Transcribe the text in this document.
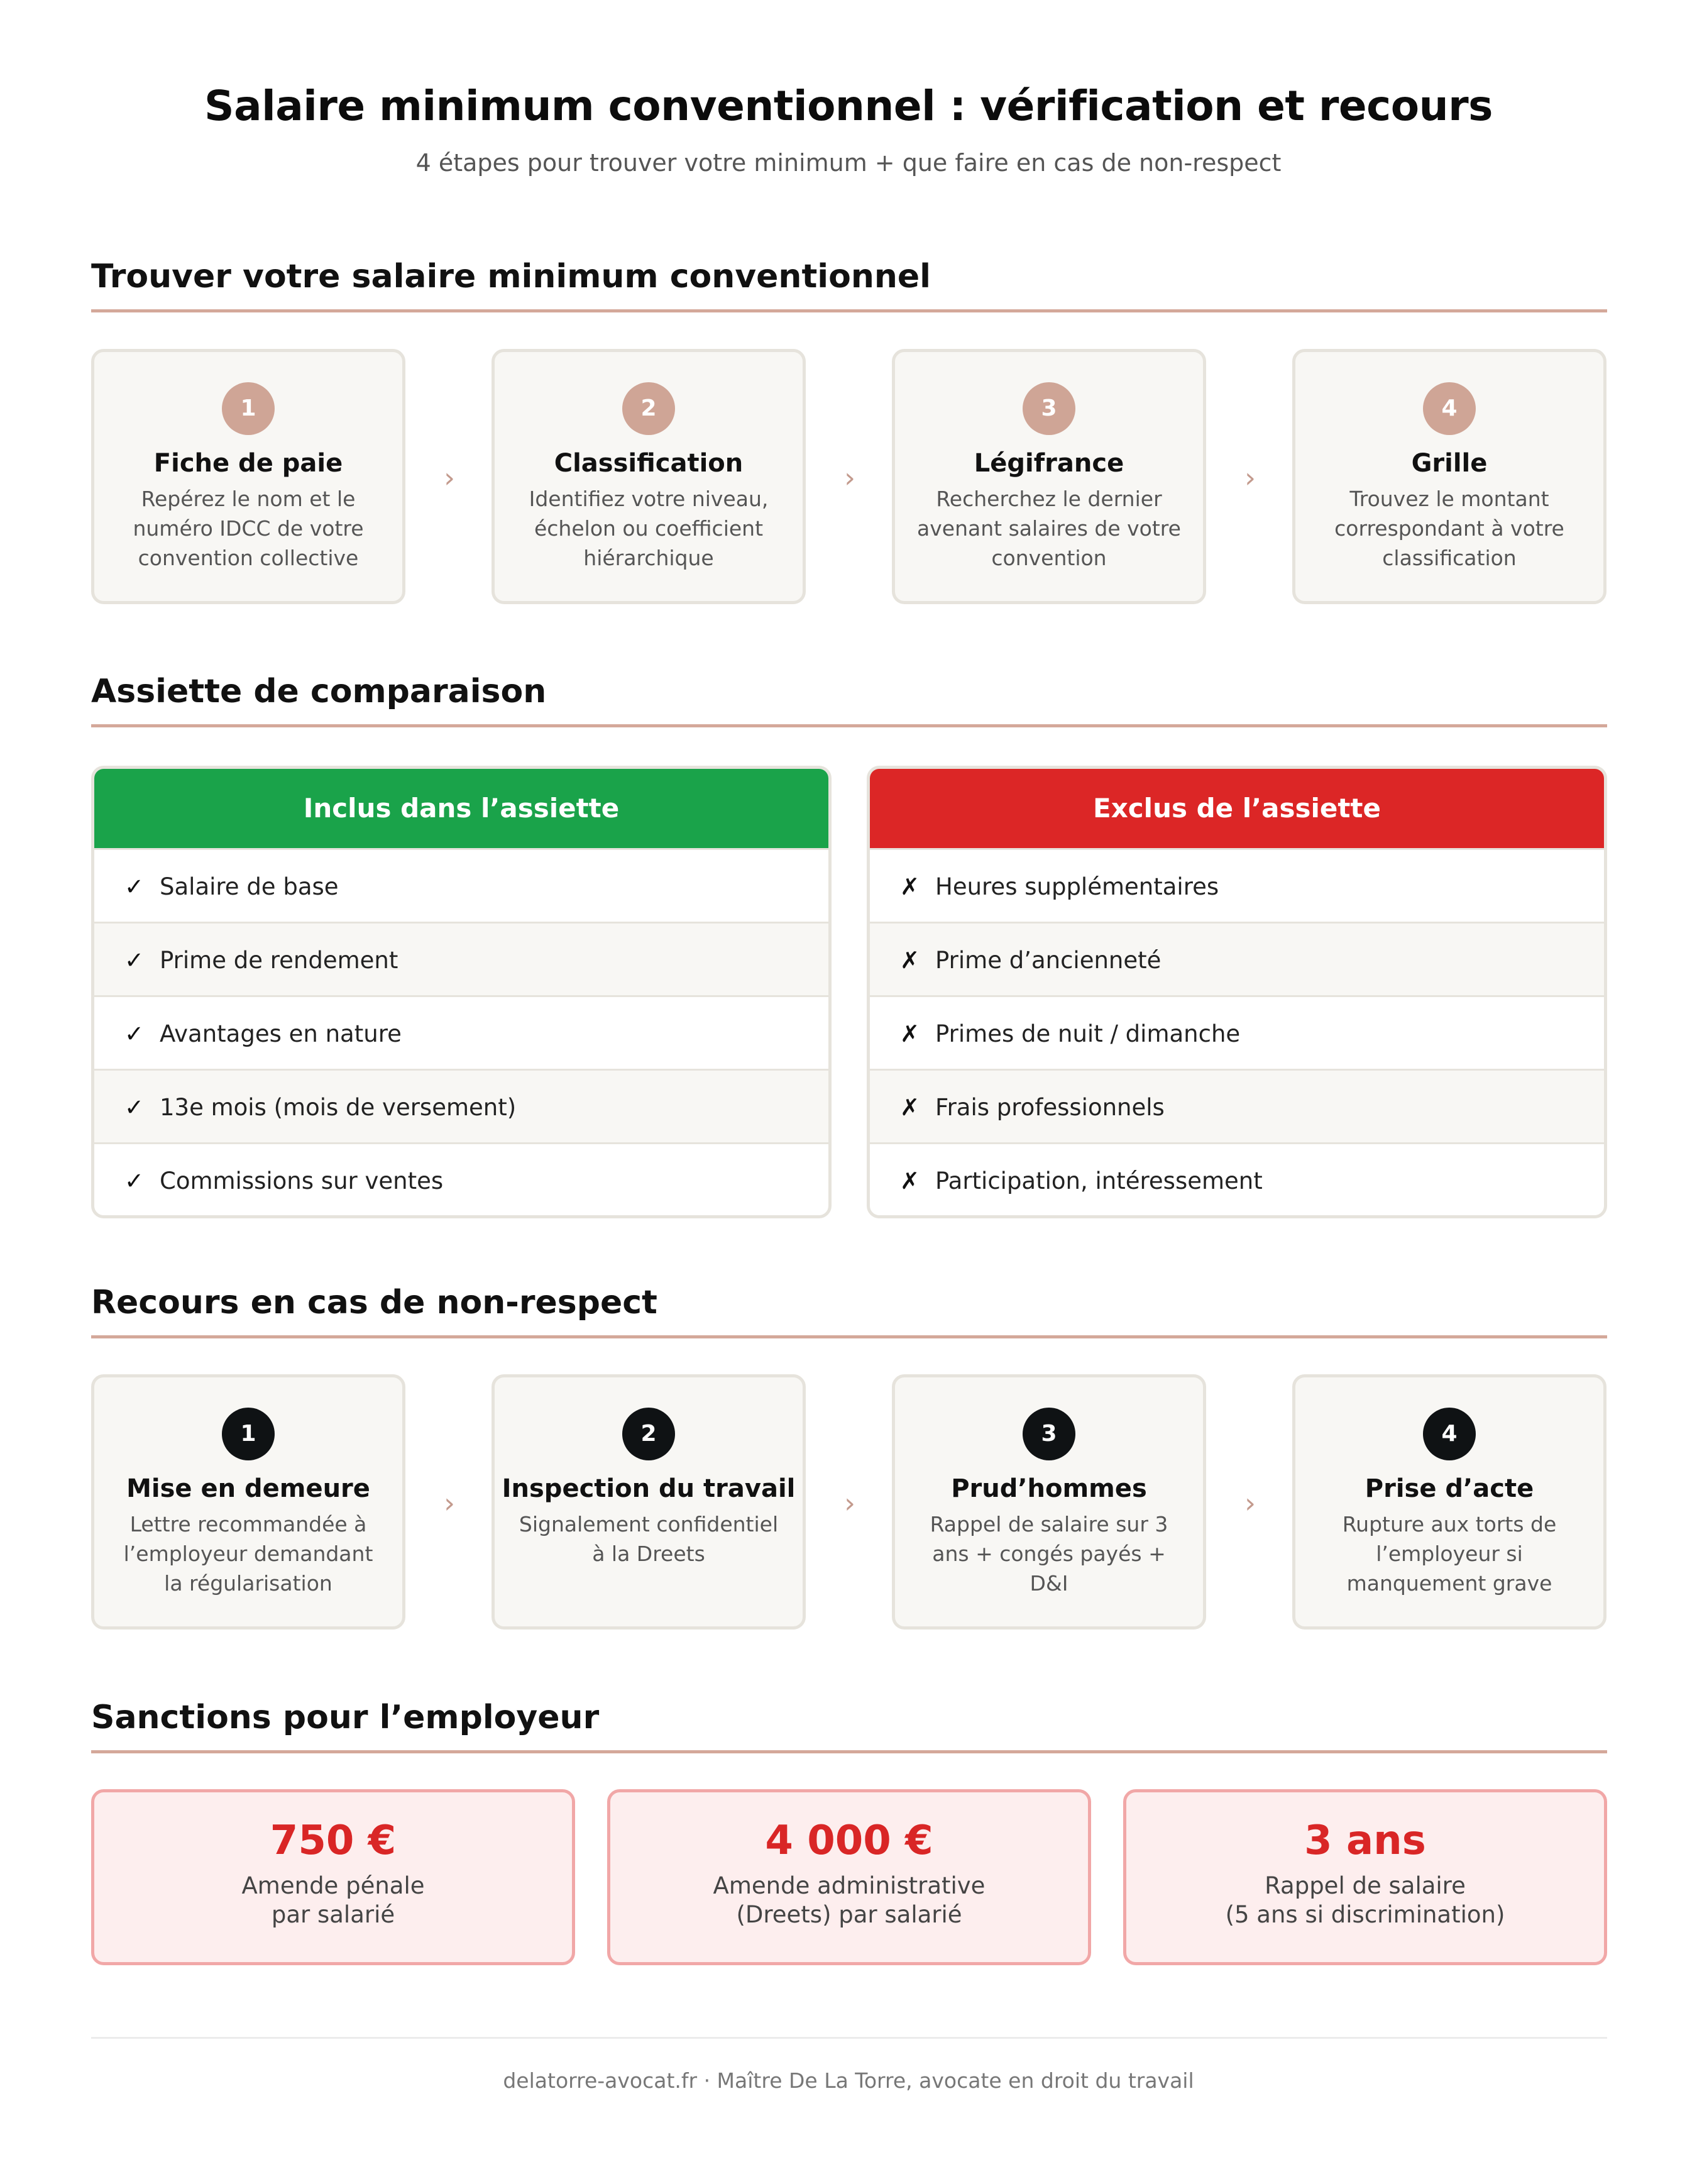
Salaire minimum conventionnel : vérification et recours
4 étapes pour trouver votre minimum + que faire en cas de non-respect
Trouver votre salaire minimum conventionnel
1
Fiche de paie
Repérez le nom et le numéro IDCC de votre convention collective
›
2
Classification
Identifiez votre niveau, échelon ou coefficient hiérarchique
›
3
Légifrance
Recherchez le dernier avenant salaires de votre convention
›
4
Grille
Trouvez le montant correspondant à votre classification
Assiette de comparaison
Inclus dans l’assiette
✓ Salaire de base
✓ Prime de rendement
✓ Avantages en nature
✓ 13e mois (mois de versement)
✓ Commissions sur ventes
Exclus de l’assiette
✗ Heures supplémentaires
✗ Prime d’ancienneté
✗ Primes de nuit / dimanche
✗ Frais professionnels
✗ Participation, intéressement
Recours en cas de non-respect
1
Mise en demeure
Lettre recommandée à l’employeur demandant la régularisation
›
2
Inspection du travail
Signalement confidentiel à la Dreets
›
3
Prud’hommes
Rappel de salaire sur 3 ans + congés payés + D&I
›
4
Prise d’acte
Rupture aux torts de l’employeur si manquement grave
Sanctions pour l’employeur
750 €
Amende pénale
par salarié
4 000 €
Amende administrative
(Dreets) par salarié
3 ans
Rappel de salaire
(5 ans si discrimination)
delatorre-avocat.fr · Maître De La Torre, avocate en droit du travail
